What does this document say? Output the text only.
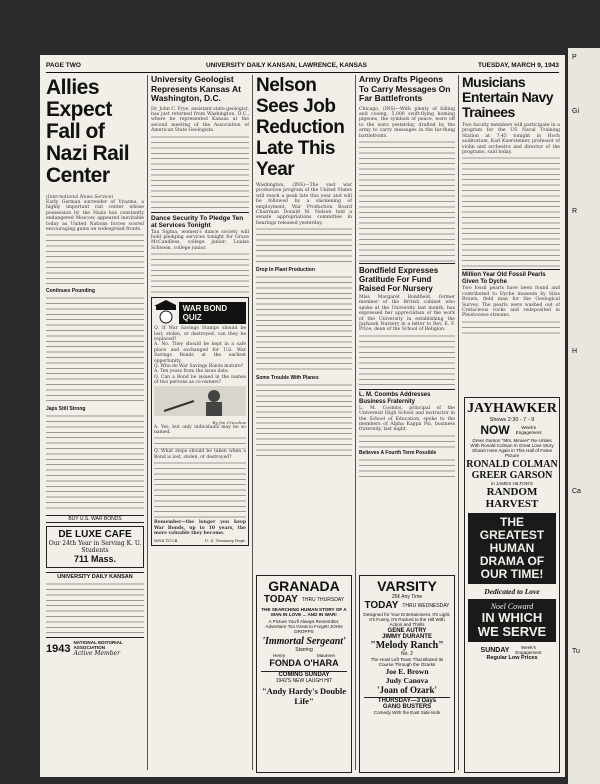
PAGE TWO	UNIVERSITY DAILY KANSAN, LAWRENCE, KANSAS	TUESDAY, MARCH 9, 1943
Allies Expect Fall of Nazi Rail Center
(International News Service)
Early German surrender of Vyazma, a highly important rail center whose possession by the Nazis has constantly endangered Moscow, appeared inevitable today as United Nations forces scored encouraging gains on widespread fronts.
Continues Pounding
Japs Still Strong
BUY U.S. WAR BONDS
DE LUXE CAFE
Our 24th Year in Serving K. U. Students
711 Mass.
UNIVERSITY DAILY KANSAN
1943 NATIONAL EDITORIAL ASSOCIATION
Active Member
University Geologist Represents Kansas At Washington, D.C.
Dr. John C. Frye, assistant state geologist, has just returned from Washington, D.C., where he represented Kansas at the second meeting of the Association of American State Geologists.
Dance Security To Pledge Ten at Services Tonight
Tau Sigma, women's dance society will hold pledging services tonight for Grace McCandless, college junior; Louise Schwein, college junior.
WAR BOND QUIZ
Q. If War Savings Stamps should be lost, stolen, or destroyed, can they be replaced?
A. No. They should be kept in a safe place and exchanged for U.S. War Savings Bonds at the earliest opportunity.
Q. Who do War Savings Bonds mature?
A. Ten years from the issue date.
Q. Can a Bond be issued in the names of two persons as co-owners?
By Jim Crecelius
A. Yes, but only individuals may be so named.
Q. What steps should be taken when a Bond is lost, stolen, or destroyed?
Remember—the longer you keep War Bonds, up to 10 years, the more valuable they become.
WNS TCCB	U. S. Treasury Dept.
Nelson Sees Job Reduction Late This Year
Washington, (INS)—The vast war production program of the United States will reach a peak late this year and will be followed by a slackening of employment, War Production Board Chairman Donald M. Nelson told a senate appropriations committee in hearings released yesterday.
Drop In Plant Production
Some Trouble With Planes
GRANADA
TODAY THRU THURSDAY
THE SEARCHING HUMAN STORY OF A MAN IN LOVE ... AND IN WAR!
A Picture You'll Always Remember, Adventure Too Great to Forget! JOHN DROPPS
'Immortal Sergeant'
Starring
Henry	Maureen
FONDA O'HARA
COMING SUNDAY
1942'S NEW LAUGH HIT
"Andy Hardy's Double Life"
Army Drafts Pigeons To Carry Messages On Far Battlefronts
Chicago, (INS)—With plenty of billing and cooing, 5,000 swift-flying homing pigeons, the symbols of peace, were off to the wars yesterday, drafted by the army to carry messages in the far-flung battlefronts.
Bondfield Expresses Gratitude For Fund Raised For Nursery
Miss Margaret Bondfield, former member of the British cabinet who spoke at the University last month, has expressed her appreciation of the work of the University in establishing the Jayhawk Nursery in a letter to Rev. E. F. Price, dean of the School of Religion.
L. M. Coombs Addresses Business Fraternity
L. M. Coombs, principal of the Univeresit High School and instructor in the School of Education, spoke to the members of Alpha Kappa Psi, business fraternity, last night.
Believes A Fourth Term Possible
VARSITY
25¢ Any Time
TODAY THRU WEDNESDAY
Designed for Your Entertainment. It's Light, It's Funny, It's Packed to the Hilt With Action and Thrills
GENE AUTRY
JIMMY DURANTE
"Melody Ranch"
No. 2
The Howl Left Team That Blazed Its Course Through the Ozarks
Joe E. Brown
Judy Canova
'Joan of Ozark'
THURSDAY—3 Days
GANG BUSTERS
Comedy With the East Side Kids
Musicians Entertain Navy Trainees
Two faculty members will participate in a program for the US Naval Training Station at 7:45 tonight in Hoch auditorium, Karl Kuersteiner, professor of violin and orchestra and director of the programs, said today.
Million Year Old Fossil Pearls Given To Dyche
Two fossil pearls have been found and contributed to Dyche museum by Silas Brown, field man for the Geological Survey. The pearls were washed out of Cretaceous rocks and redeposited in Pleistocene streams.
JAYHAWKER
Shows 2:30 - 7 - 9
NOW	Week's Engagement
Greer Garson "Mrs. Miniver" Re-Unites With Ronald Colman In Great Love Story Shown Here Again in This Hall of Fame Picture
RONALD COLMAN
GREER GARSON
in JAMES HILTON'S
RANDOM HARVEST
THE GREATEST HUMAN DRAMA OF OUR TIME!
Dedicated to Love
Noel Coward
IN WHICH WE SERVE
SUNDAY	Week's Engagement
Regular Low Prices
P
Gi
R
H
Ca
Tu
